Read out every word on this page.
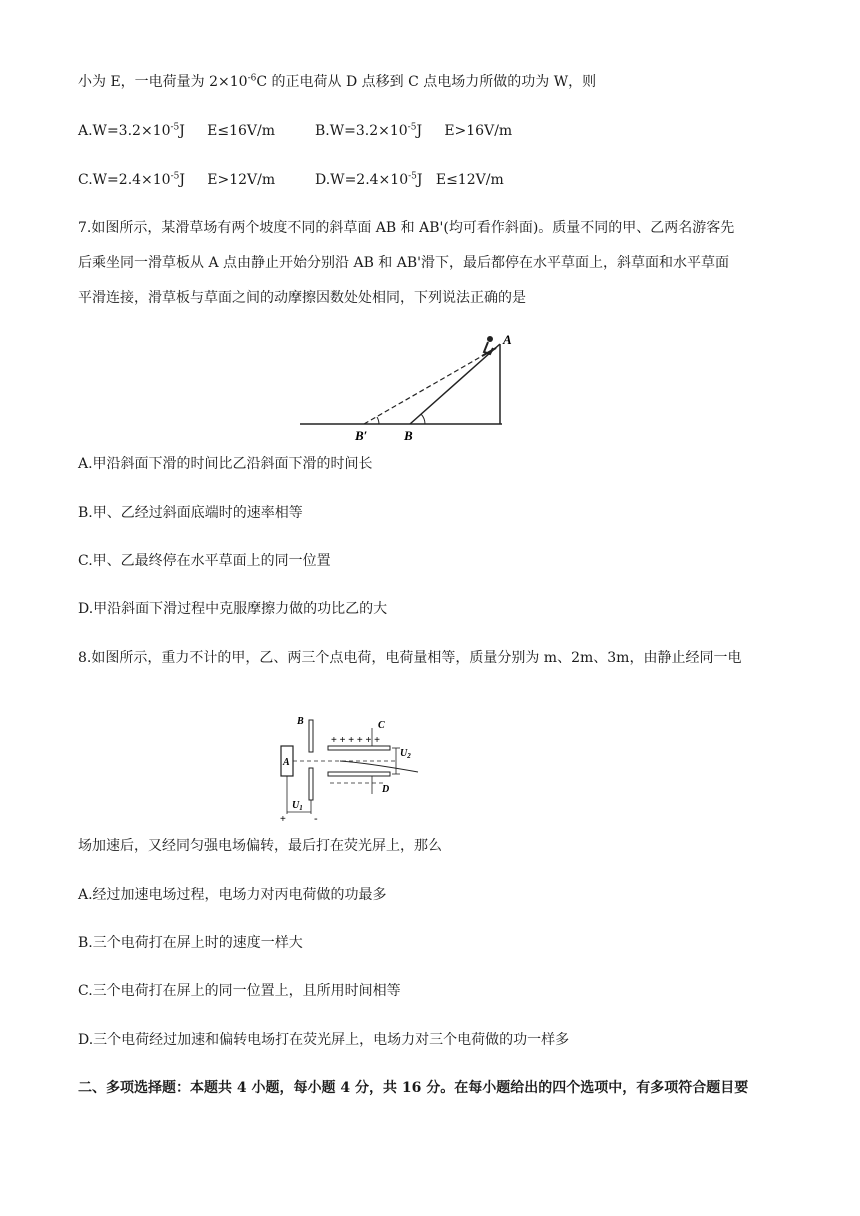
小为 E，一电荷量为 $2\times 10^{-6}C$ 的正电荷从 D 点移到 C 点电场力所做的功为 W，则
$A.W=3.2\times 10^{-5}J$     E≤16V/m	$B.W=3.2\times 10^{-5}J$     E>16V/m
$C.W=2.4\times 10^{-5}J$     E>12V/m	$D.W=2.4\times 10^{-5}J$   E≤12V/m
7.如图所示，某滑草场有两个坡度不同的斜草面 AB 和 AB'(均可看作斜面)。质量不同的甲、乙两名游客先
后乘坐同一滑草板从 A 点由静止开始分别沿 AB 和 AB'滑下，最后都停在水平草面上，斜草面和水平草面
平滑连接，滑草板与草面之间的动摩擦因数处处相同，下列说法正确的是
A
B
B′
A.甲沿斜面下滑的时间比乙沿斜面下滑的时间长
B.甲、乙经过斜面底端时的速率相等
C.甲、乙最终停在水平草面上的同一位置
D.甲沿斜面下滑过程中克服摩擦力做的功比乙的大
8.如图所示，重力不计的甲，乙、两三个点电荷，电荷量相等，质量分别为 m、2m、3m，由静止经同一电
A
B
+ + + + + +
C
D
$U_2$
$U_1$
+	-
场加速后，又经同匀强电场偏转，最后打在荧光屏上，那么
A.经过加速电场过程，电场力对丙电荷做的功最多
B.三个电荷打在屏上时的速度一样大
C.三个电荷打在屏上的同一位置上，且所用时间相等
D.三个电荷经过加速和偏转电场打在荧光屏上，电场力对三个电荷做的功一样多
二、多项选择题：本题共 4 小题，每小题 4 分，共 16 分。在每小题给出的四个选项中，有多项符合题目要
